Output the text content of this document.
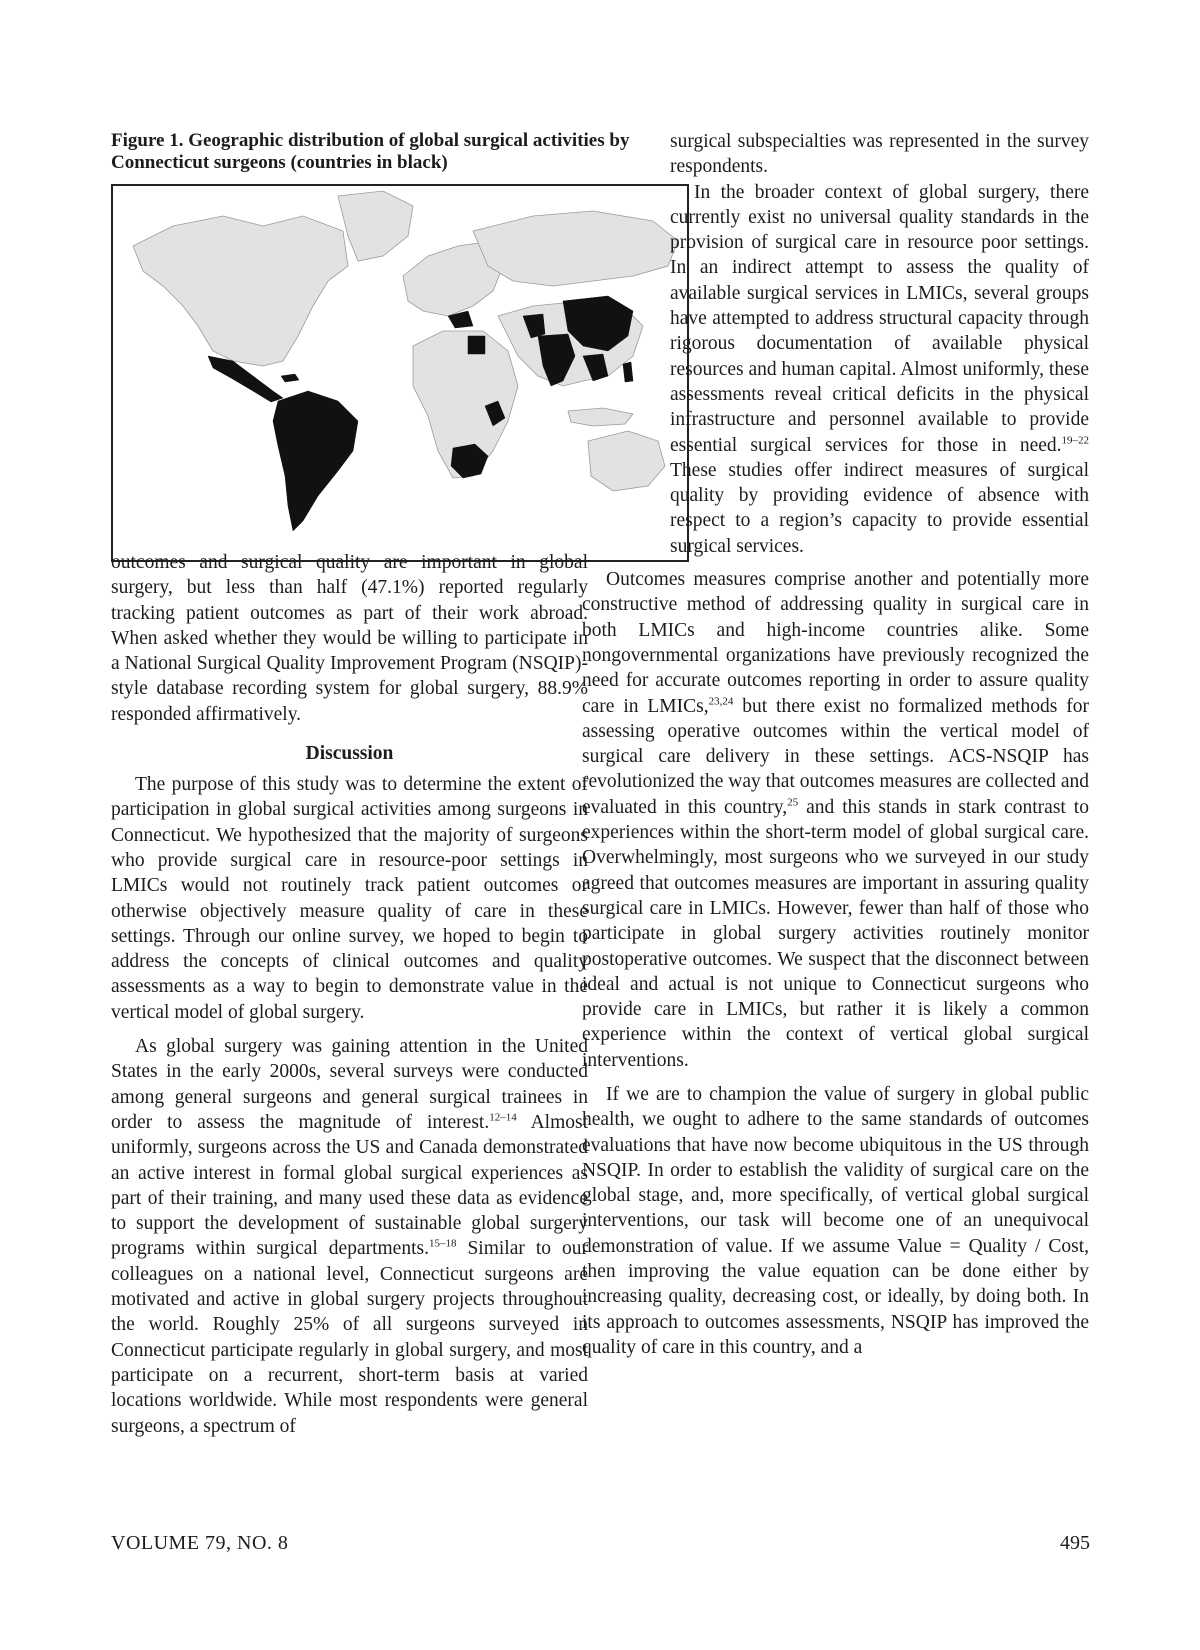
Figure 1. Geographic distribution of global surgical activities by Connecticut surgeons (countries in black)

outcomes and surgical quality are important in global surgery, but less than half (47.1%) reported regularly tracking patient outcomes as part of their work abroad. When asked whether they would be willing to participate in a National Surgical Quality Improvement Program (NSQIP)-style database recording system for global surgery, 88.9% responded affirmatively.

Discussion

The purpose of this study was to determine the extent of participation in global surgical activities among surgeons in Connecticut. We hypothesized that the majority of surgeons who provide surgical care in resource-poor settings in LMICs would not routinely track patient outcomes or otherwise objectively measure quality of care in these settings. Through our online survey, we hoped to begin to address the concepts of clinical outcomes and quality assessments as a way to begin to demonstrate value in the vertical model of global surgery.

As global surgery was gaining attention in the United States in the early 2000s, several surveys were conducted among general surgeons and general surgical trainees in order to assess the magnitude of interest.$^{12-14}$ Almost uniformly, surgeons across the US and Canada demonstrated an active interest in formal global surgical experiences as part of their training, and many used these data as evidence to support the development of sustainable global surgery programs within surgical departments.$^{15-18}$ Similar to our colleagues on a national level, Connecticut surgeons are motivated and active in global surgery projects throughout the world. Roughly 25% of all surgeons surveyed in Connecticut participate regularly in global surgery, and most participate on a recurrent, short-term basis at varied locations worldwide. While most respondents were general surgeons, a spectrum of

surgical subspecialties was represented in the survey respondents.

In the broader context of global surgery, there currently exist no universal quality standards in the provision of surgical care in resource poor settings. In an indirect attempt to assess the quality of available surgical services in LMICs, several groups have attempted to address structural capacity through rigorous documentation of available physical resources and human capital. Almost uniformly, these assessments reveal critical deficits in the physical infrastructure and personnel available to provide essential surgical services for those in need.$^{19-22}$ These studies offer indirect measures of surgical quality by providing evidence of absence with respect to a region’s capacity to provide essential surgical services.

Outcomes measures comprise another and potentially more constructive method of addressing quality in surgical care in both LMICs and high-income countries alike. Some nongovernmental organizations have previously recognized the need for accurate outcomes reporting in order to assure quality care in LMICs,$^{23,24}$ but there exist no formalized methods for assessing operative outcomes within the vertical model of surgical care delivery in these settings. ACS-NSQIP has revolutionized the way that outcomes measures are collected and evaluated in this country,$^{25}$ and this stands in stark contrast to experiences within the short-term model of global surgical care. Overwhelmingly, most surgeons who we surveyed in our study agreed that outcomes measures are important in assuring quality surgical care in LMICs. However, fewer than half of those who participate in global surgery activities routinely monitor postoperative outcomes. We suspect that the disconnect between ideal and actual is not unique to Connecticut surgeons who provide care in LMICs, but rather it is likely a common experience within the context of vertical global surgical interventions.

If we are to champion the value of surgery in global public health, we ought to adhere to the same standards of outcomes evaluations that have now become ubiquitous in the US through NSQIP. In order to establish the validity of surgical care on the global stage, and, more specifically, of vertical global surgical interventions, our task will become one of an unequivocal demonstration of value. If we assume Value = Quality / Cost, then improving the value equation can be done either by increasing quality, decreasing cost, or ideally, by doing both. In its approach to outcomes assessments, NSQIP has improved the quality of care in this country, and a

VOLUME 79, NO. 8	495
